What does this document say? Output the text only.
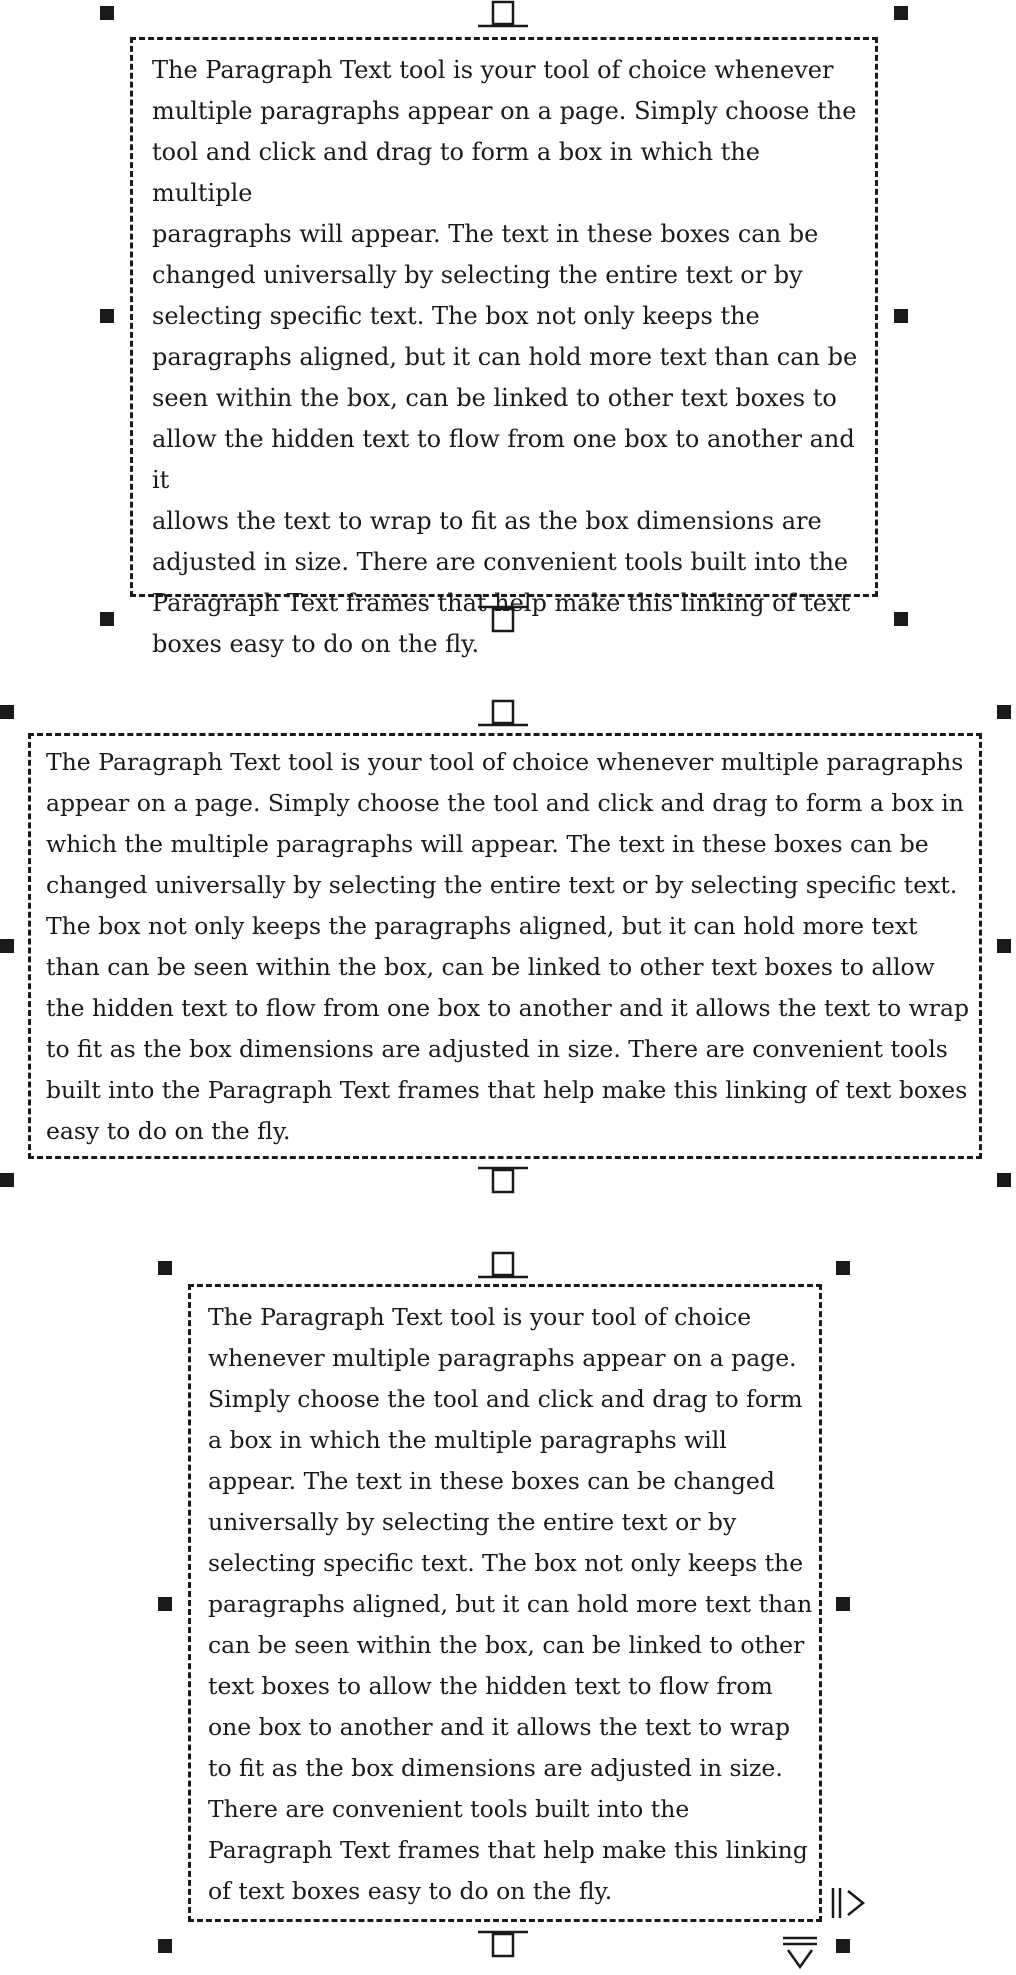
The Paragraph Text tool is your tool of choice whenever
multiple paragraphs appear on a page. Simply choose the
tool and click and drag to form a box in which the multiple
paragraphs will appear. The text in these boxes can be
changed universally by selecting the entire text or by
selecting specific text. The box not only keeps the
paragraphs aligned, but it can hold more text than can be
seen within the box, can be linked to other text boxes to
allow the hidden text to flow from one box to another and it
allows the text to wrap to fit as the box dimensions are
adjusted in size. There are convenient tools built into the
Paragraph Text frames that help make this linking of text
boxes easy to do on the fly.

The Paragraph Text tool is your tool of choice whenever multiple paragraphs
appear on a page. Simply choose the tool and click and drag to form a box in
which the multiple paragraphs will appear. The text in these boxes can be
changed universally by selecting the entire text or by selecting specific text.
The box not only keeps the paragraphs aligned, but it can hold more text
than can be seen within the box, can be linked to other text boxes to allow
the hidden text to flow from one box to another and it allows the text to wrap
to fit as the box dimensions are adjusted in size. There are convenient tools
built into the Paragraph Text frames that help make this linking of text boxes
easy to do on the fly.

The Paragraph Text tool is your tool of choice
whenever multiple paragraphs appear on a page.
Simply choose the tool and click and drag to form
a box in which the multiple paragraphs will
appear. The text in these boxes can be changed
universally by selecting the entire text or by
selecting specific text. The box not only keeps the
paragraphs aligned, but it can hold more text than
can be seen within the box, can be linked to other
text boxes to allow the hidden text to flow from
one box to another and it allows the text to wrap
to fit as the box dimensions are adjusted in size.
There are convenient tools built into the
Paragraph Text frames that help make this linking
of text boxes easy to do on the fly.
